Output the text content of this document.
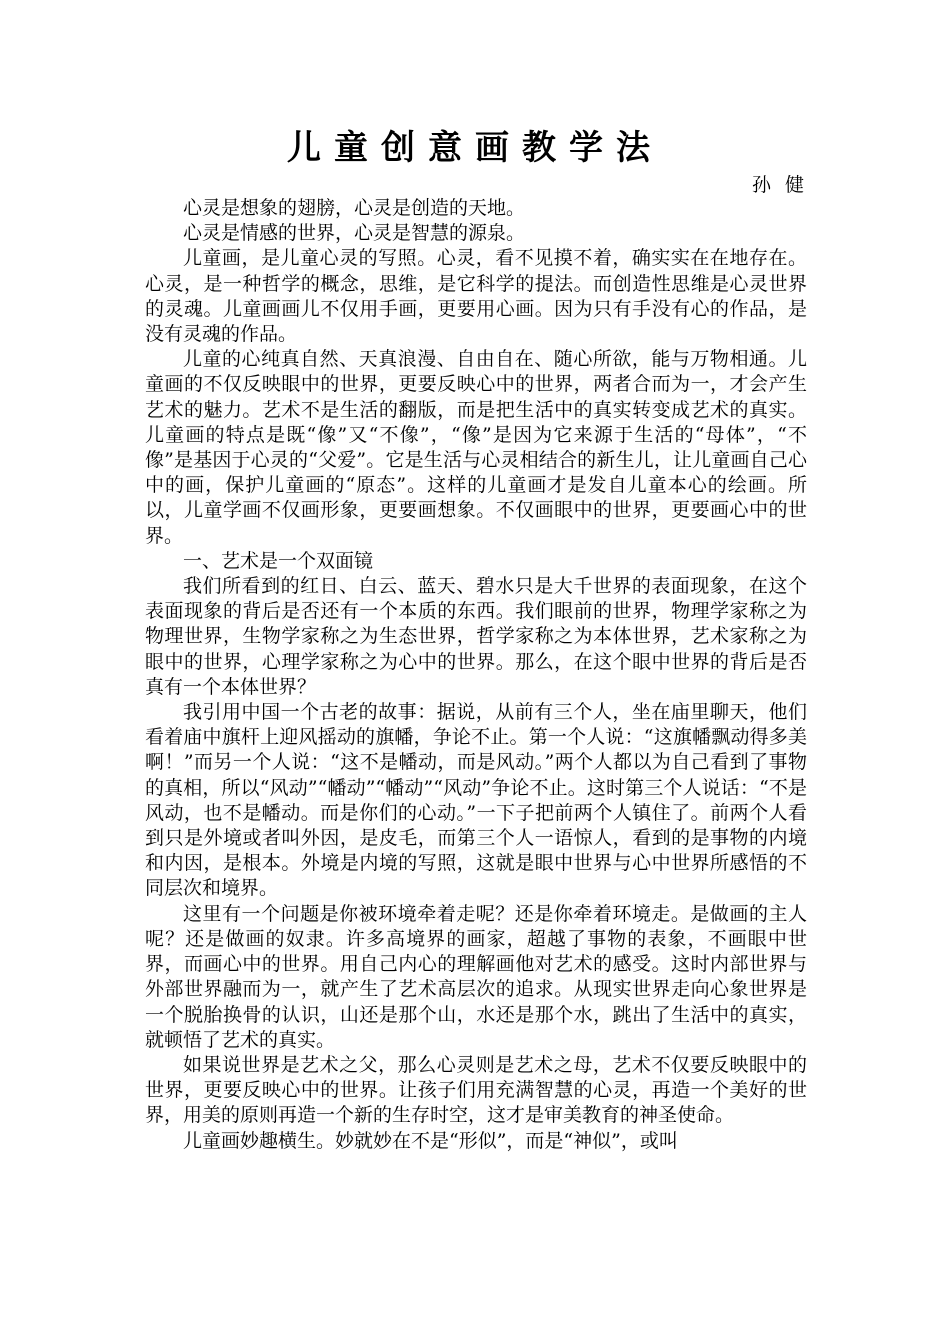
儿童创意画教学法
孙 健

心灵是想象的翅膀，心灵是创造的天地。

心灵是情感的世界，心灵是智慧的源泉。

儿童画，是儿童心灵的写照。心灵，看不见摸不着，确实实在在地存在。心灵，是一种哲学的概念，思维，是它科学的提法。而创造性思维是心灵世界的灵魂。儿童画画儿不仅用手画，更要用心画。因为只有手没有心的作品，是没有灵魂的作品。

儿童的心纯真自然、天真浪漫、自由自在、随心所欲，能与万物相通。儿童画的不仅反映眼中的世界，更要反映心中的世界，两者合而为一，才会产生艺术的魅力。艺术不是生活的翻版，而是把生活中的真实转变成艺术的真实。儿童画的特点是既“像”又“不像”，“像”是因为它来源于生活的“母体”，“不像”是基因于心灵的“父爱”。它是生活与心灵相结合的新生儿，让儿童画自己心中的画，保护儿童画的“原态”。这样的儿童画才是发自儿童本心的绘画。所以，儿童学画不仅画形象，更要画想象。不仅画眼中的世界，更要画心中的世界。

一、艺术是一个双面镜

我们所看到的红日、白云、蓝天、碧水只是大千世界的表面现象，在这个表面现象的背后是否还有一个本质的东西。我们眼前的世界，物理学家称之为物理世界，生物学家称之为生态世界，哲学家称之为本体世界，艺术家称之为眼中的世界，心理学家称之为心中的世界。那么，在这个眼中世界的背后是否真有一个本体世界？

我引用中国一个古老的故事：据说，从前有三个人，坐在庙里聊天，他们看着庙中旗杆上迎风摇动的旗幡，争论不止。第一个人说：“这旗幡飘动得多美啊！”而另一个人说：“这不是幡动，而是风动。”两个人都以为自己看到了事物的真相，所以“风动”“幡动”“幡动”“风动”争论不止。这时第三个人说话：“不是风动，也不是幡动。而是你们的心动。”一下子把前两个人镇住了。前两个人看到只是外境或者叫外因，是皮毛，而第三个人一语惊人，看到的是事物的内境和内因，是根本。外境是内境的写照，这就是眼中世界与心中世界所感悟的不同层次和境界。

这里有一个问题是你被环境牵着走呢？还是你牵着环境走。是做画的主人呢？还是做画的奴隶。许多高境界的画家，超越了事物的表象，不画眼中世界，而画心中的世界。用自己内心的理解画他对艺术的感受。这时内部世界与外部世界融而为一，就产生了艺术高层次的追求。从现实世界走向心象世界是一个脱胎换骨的认识，山还是那个山，水还是那个水，跳出了生活中的真实，就顿悟了艺术的真实。

如果说世界是艺术之父，那么心灵则是艺术之母，艺术不仅要反映眼中的世界，更要反映心中的世界。让孩子们用充满智慧的心灵，再造一个美好的世界，用美的原则再造一个新的生存时空，这才是审美教育的神圣使命。

儿童画妙趣横生。妙就妙在不是“形似”，而是“神似”，或叫
